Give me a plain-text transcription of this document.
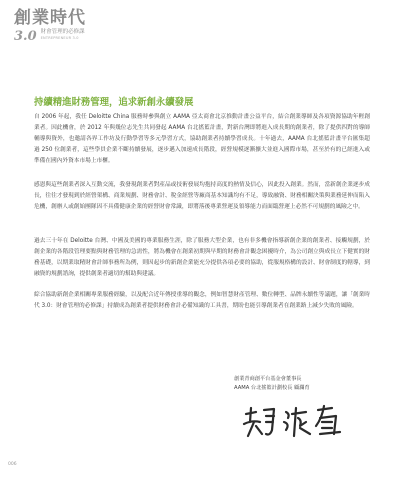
創業時代
3.0 財會管理的必修課
ENTREPRENEUR 3.0
持續精進財務管理，追求新創永續發展

自 2006 年起，我任 Deloitte China 服務時參與創立 AAMA 亞太商會北京推動計畫公益平台，結合創業導師及各項資源協助年輕創業者。因此機會，於 2012 年與幾位志先生共同發起 AAMA 台北搖籃計畫，對新台灣即將進入成長期的創業者，除了提供四對的導師輔導與資外，也邀請各界工作坊及行動學習等多元學習方式，協助創業者持續學習成長。十年過去，AAMA 台北搖籃計畫平台匯集超過 250 位創業者，這些學員企業不斷持續發展，逐步邁入加速成長階段，經營規模逐漸擴大並進入國際市場，甚至於有的已經進入或準備在國內外資本市場上市櫃。

感恩與這些創業者深入互動交流，我發現創業者對產品或技術發展均抱持高度的熱情及信心，因此投入創業。然而，當新創企業逐步成長，往往才發現到於經營架構、商業規劃、財務會計、稅金經營等廠商基本知識均有不足，導致融資、財務相關決策與業務延伸而陷入危機，創辦人或創始團隊因不具備健康企業的經營財會常識，即將落後專業營運及領導能力而面臨營運上必然不可規劃的風險之中。

過去三十年在 Deloitte 台灣、中國及美國的專業服務生涯，除了服務大型企業，也有非多機會指導新創企業的創業者、接觸規劃，於創企業的各階段管理要點與財務管理的急需性，將為機會在創業初期與早期的財務會計觀念困擾時介，為公司創立與成長立下健實的財務基礎，以期業取精財會計師事務所為例，則因起步的新創企業能充分提供各項必要的協助，從服規格構的設計、財會制度的轄導，到融資的規劃諮詢，提供創業者適切的幫助與建議。

綜合協助新創企業相關專業服務經驗，以及配合近年傳授重導的觀念，例如智慧財產管理、數位轉型、品牌永續性等議題，讓「創業時代 3.0：財會管理的必修課」持續成為創業者提供財務會計必備知識的工具書，期盼也能引導創業者在創業路上減少失敗的風險。

創業青商創平台基金會董事長
AAMA 台北搖籃計劃校長 顧瀾育
006
